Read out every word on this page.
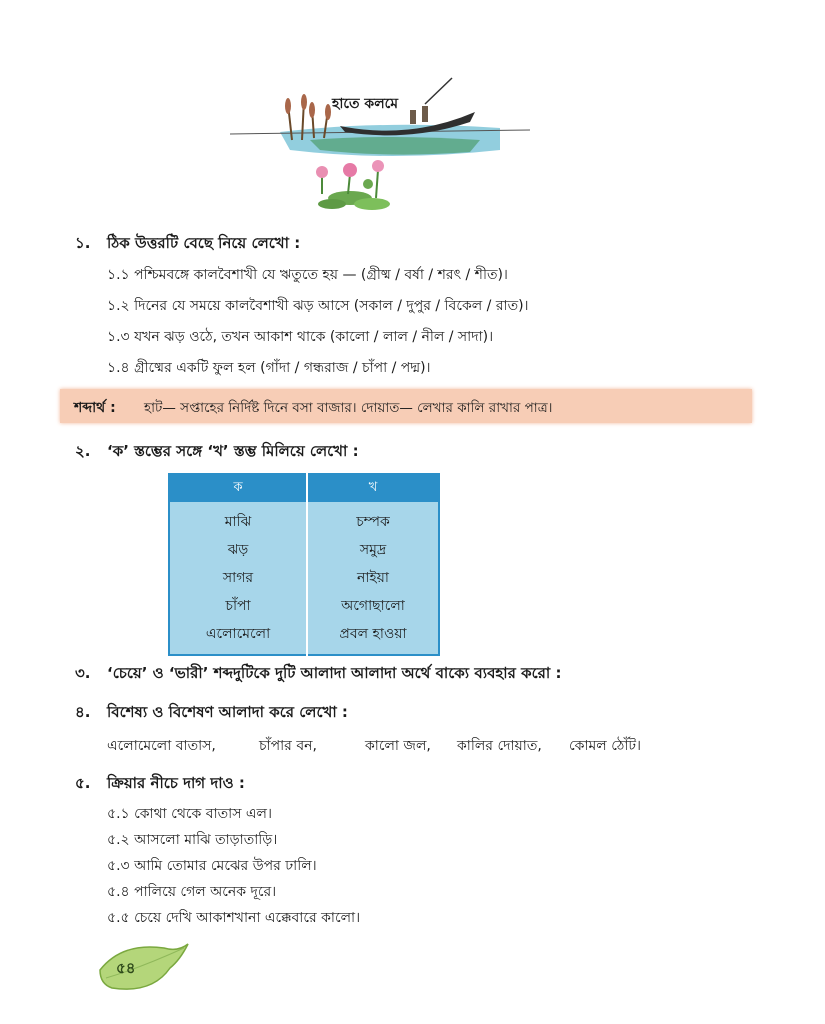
হাতে কলমে
১. ঠিক উত্তরটি বেছে নিয়ে লেখো :
১.১ পশ্চিমবঙ্গে কালবৈশাখী যে ঋতুতে হয় — (গ্রীষ্ম / বর্ষা / শরৎ / শীত)।
১.২ দিনের যে সময়ে কালবৈশাখী ঝড় আসে (সকাল / দুপুর / বিকেল / রাত)।
১.৩ যখন ঝড় ওঠে, তখন আকাশ থাকে (কালো / লাল / নীল / সাদা)।
১.৪ গ্রীষ্মের একটি ফুল হল (গাঁদা / গন্ধরাজ / চাঁপা / পদ্ম)।
শব্দার্থ : হাট— সপ্তাহের নির্দিষ্ট দিনে বসা বাজার। দোয়াত— লেখার কালি রাখার পাত্র।
২. ‘ক’ স্তম্ভের সঙ্গে ‘খ’ স্তম্ভ মিলিয়ে লেখো :
ক	খ
মাঝি	চম্পক
ঝড়	সমুদ্র
সাগর	নাইয়া
চাঁপা	অগোছালো
এলোমেলো	প্রবল হাওয়া
৩. ‘চেয়ে’ ও ‘ভারী’ শব্দদুটিকে দুটি আলাদা আলাদা অর্থে বাক্যে ব্যবহার করো :
৪. বিশেষ্য ও বিশেষণ আলাদা করে লেখো :
এলোমেলো বাতাস,	চাঁপার বন,	কালো জল, কালির দোয়াত, কোমল ঠোঁট।
৫. ক্রিয়ার নীচে দাগ দাও :
৫.১ কোথা থেকে বাতাস এল।
৫.২ আসলো মাঝি তাড়াতাড়ি।
৫.৩ আমি তোমার মেঝের উপর ঢালি।
৫.৪ পালিয়ে গেল অনেক দূরে।
৫.৫ চেয়ে দেখি আকাশখানা এক্কেবারে কালো।
৫৪
